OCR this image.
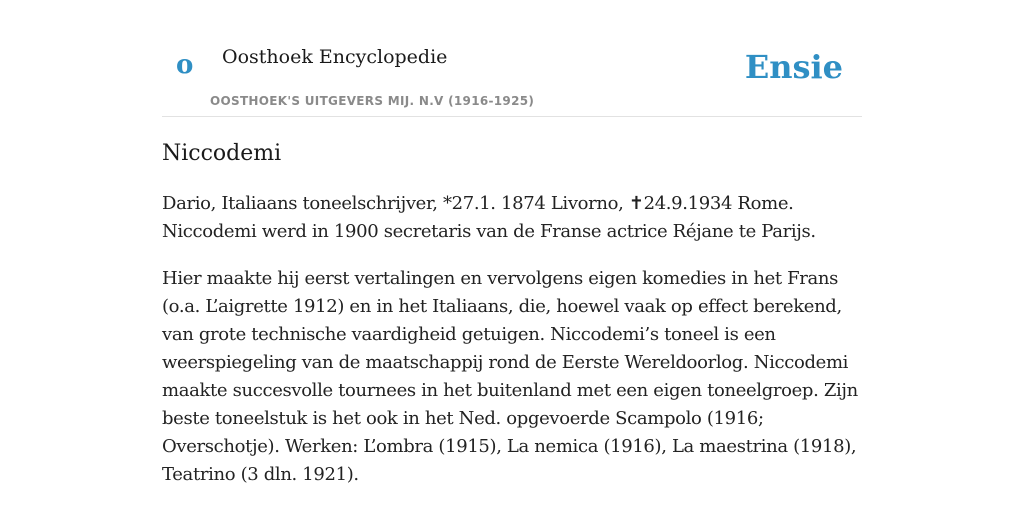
o Oosthoek Encyclopedie
OOSTHOEK'S UITGEVERS MIJ. N.V (1916-1925)
Ensie
Niccodemi

Dario, Italiaans toneelschrijver, *27.1. 1874 Livorno, ✝24.9.1934 Rome. Niccodemi werd in 1900 secretaris van de Franse actrice Réjane te Parijs.

Hier maakte hij eerst vertalingen en vervolgens eigen komedies in het Frans (o.a. L’aigrette 1912) en in het Italiaans, die, hoewel vaak op effect berekend, van grote technische vaardigheid getuigen. Niccodemi’s toneel is een weerspiegeling van de maatschappij rond de Eerste Wereldoorlog. Niccodemi maakte succesvolle tournees in het buitenland met een eigen toneelgroep. Zijn beste toneelstuk is het ook in het Ned. opgevoerde Scampolo (1916; Overschotje). Werken: L’ombra (1915), La nemica (1916), La maestrina (1918), Teatrino (3 dln. 1921).
